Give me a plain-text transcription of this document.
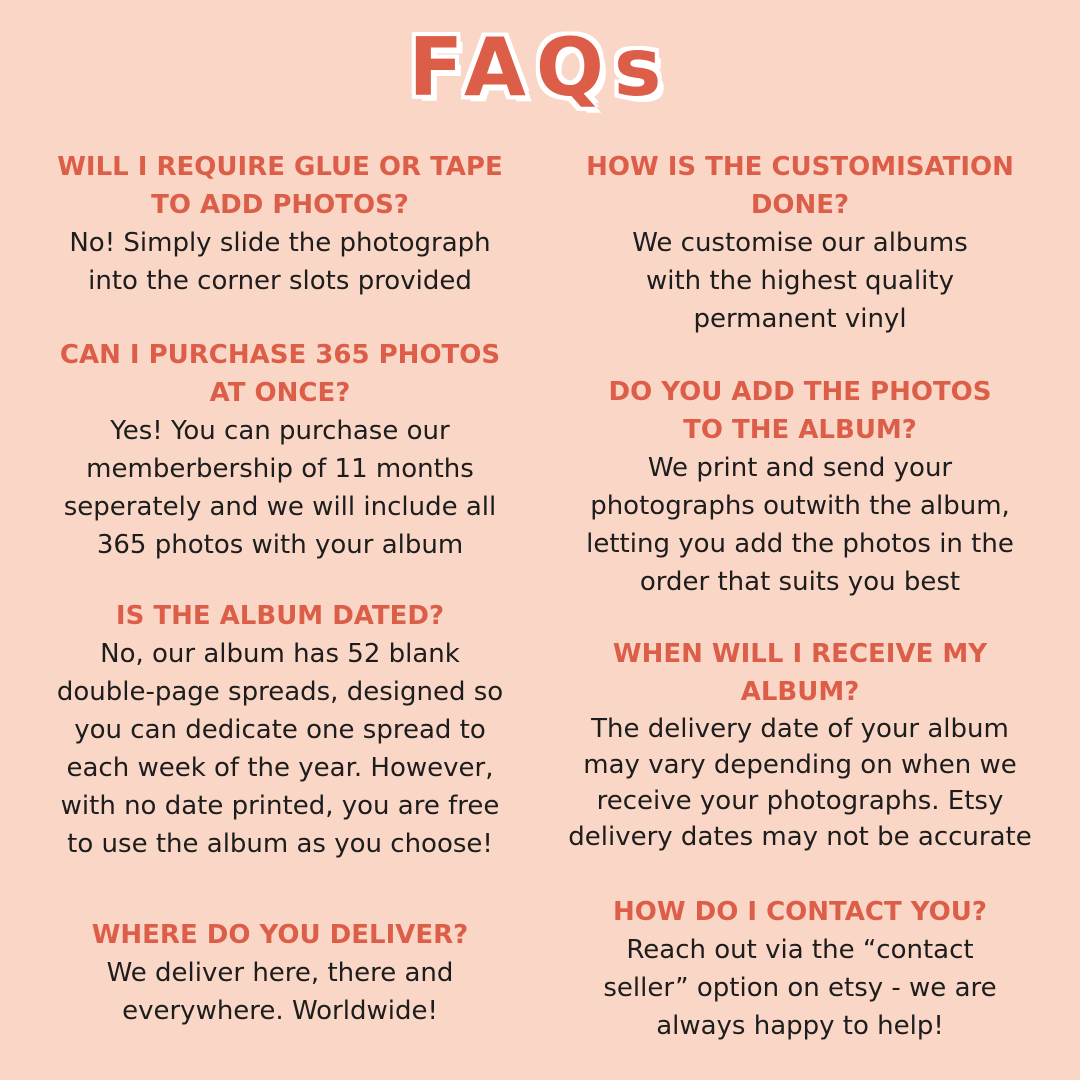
FAQs

WILL I REQUIRE GLUE OR TAPE TO ADD PHOTOS?

No! Simply slide the photograph into the corner slots provided

CAN I PURCHASE 365 PHOTOS AT ONCE?

Yes! You can purchase our memberbership of 11 months seperately and we will include all 365 photos with your album

IS THE ALBUM DATED?

No, our album has 52 blank double-page spreads, designed so you can dedicate one spread to each week of the year. However, with no date printed, you are free to use the album as you choose!

WHERE DO YOU DELIVER?

We deliver here, there and everywhere. Worldwide!

HOW IS THE CUSTOMISATION DONE?

We customise our albums with the highest quality permanent vinyl

DO YOU ADD THE PHOTOS TO THE ALBUM?

We print and send your photographs outwith the album, letting you add the photos in the order that suits you best

WHEN WILL I RECEIVE MY ALBUM?

The delivery date of your album may vary depending on when we receive your photographs. Etsy delivery dates may not be accurate

HOW DO I CONTACT YOU?

Reach out via the “contact seller” option on etsy - we are always happy to help!
